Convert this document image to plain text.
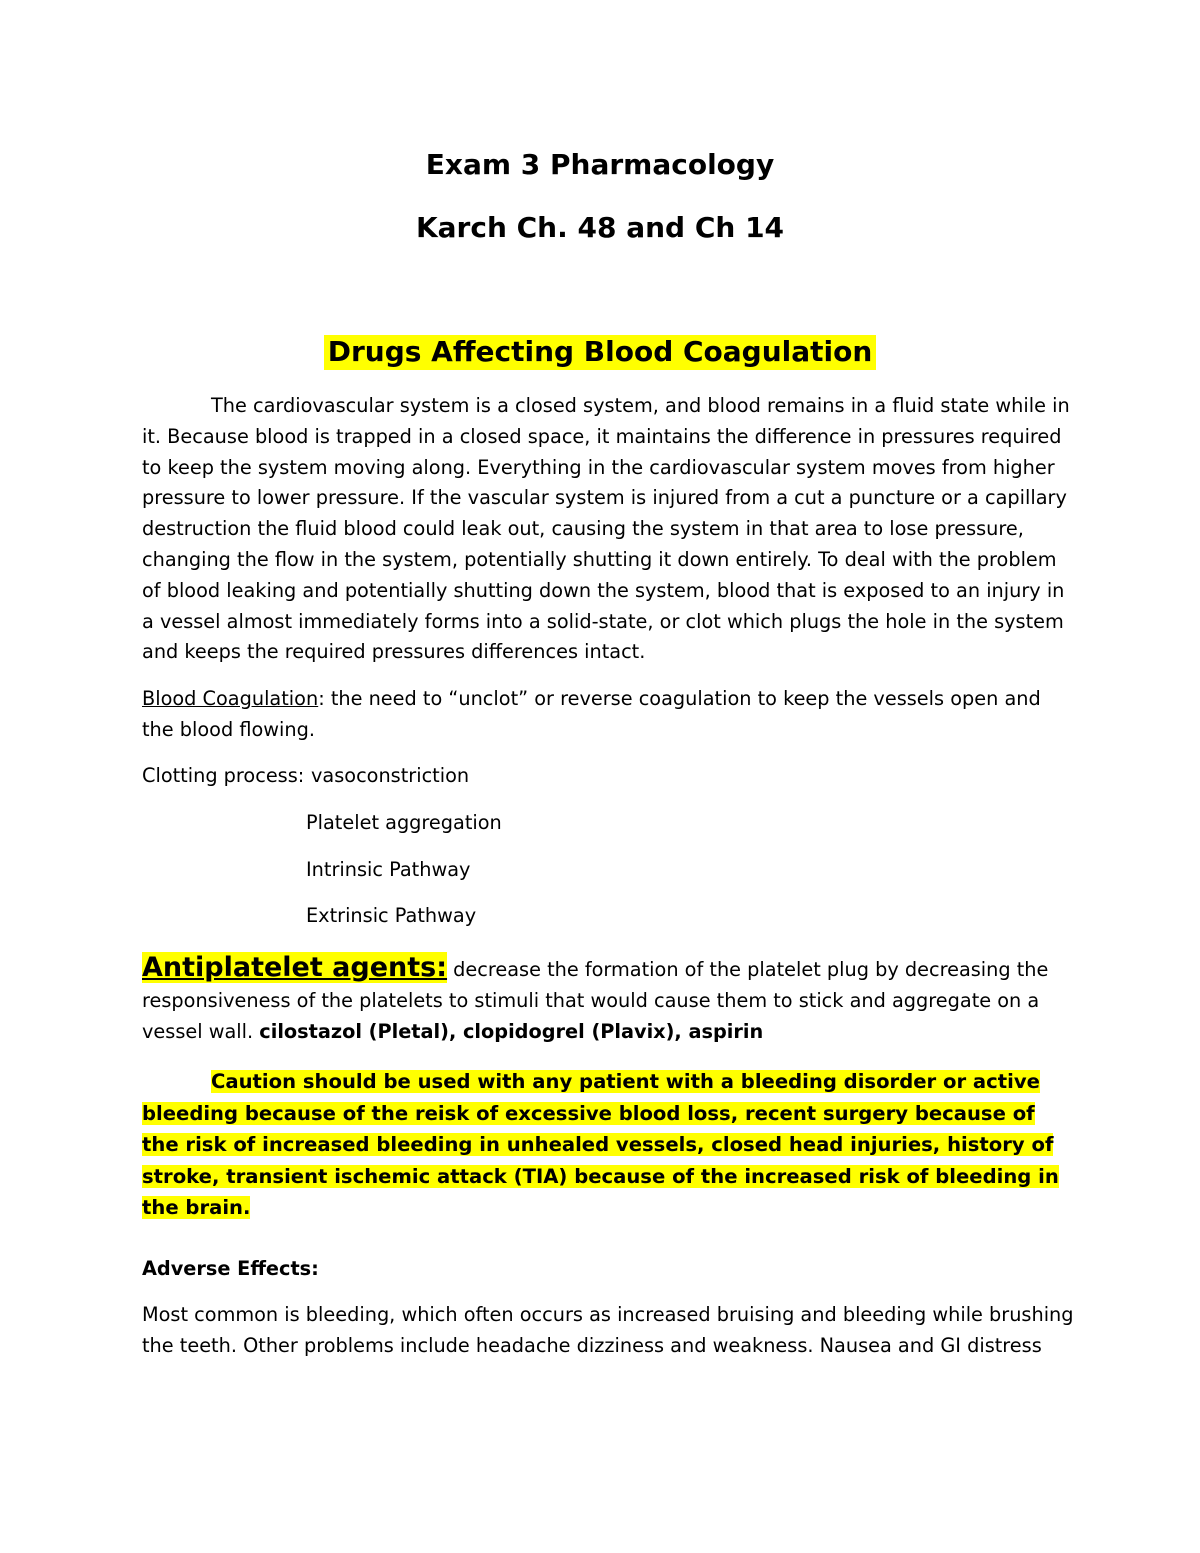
Exam 3 Pharmacology
Karch Ch. 48 and Ch 14
Drugs Affecting Blood Coagulation

The cardiovascular system is a closed system, and blood remains in a fluid state while in it. Because blood is trapped in a closed space, it maintains the difference in pressures required to keep the system moving along. Everything in the cardiovascular system moves from higher pressure to lower pressure. If the vascular system is injured from a cut a puncture or a capillary destruction the fluid blood could leak out, causing the system in that area to lose pressure, changing the flow in the system, potentially shutting it down entirely. To deal with the problem of blood leaking and potentially shutting down the system, blood that is exposed to an injury in a vessel almost immediately forms into a solid-state, or clot which plugs the hole in the system and keeps the required pressures differences intact.

Blood Coagulation: the need to “unclot” or reverse coagulation to keep the vessels open and the blood flowing.

Clotting process: vasoconstriction
Platelet aggregation
Intrinsic Pathway
Extrinsic Pathway

Antiplatelet agents: decrease the formation of the platelet plug by decreasing the responsiveness of the platelets to stimuli that would cause them to stick and aggregate on a vessel wall. cilostazol (Pletal), clopidogrel (Plavix), aspirin

Caution should be used with any patient with a bleeding disorder or active bleeding because of the reisk of excessive blood loss, recent surgery because of the risk of increased bleeding in unhealed vessels, closed head injuries, history of stroke, transient ischemic attack (TIA) because of the increased risk of bleeding in the brain.

Adverse Effects:

Most common is bleeding, which often occurs as increased bruising and bleeding while brushing the teeth. Other problems include headache dizziness and weakness. Nausea and GI distress
